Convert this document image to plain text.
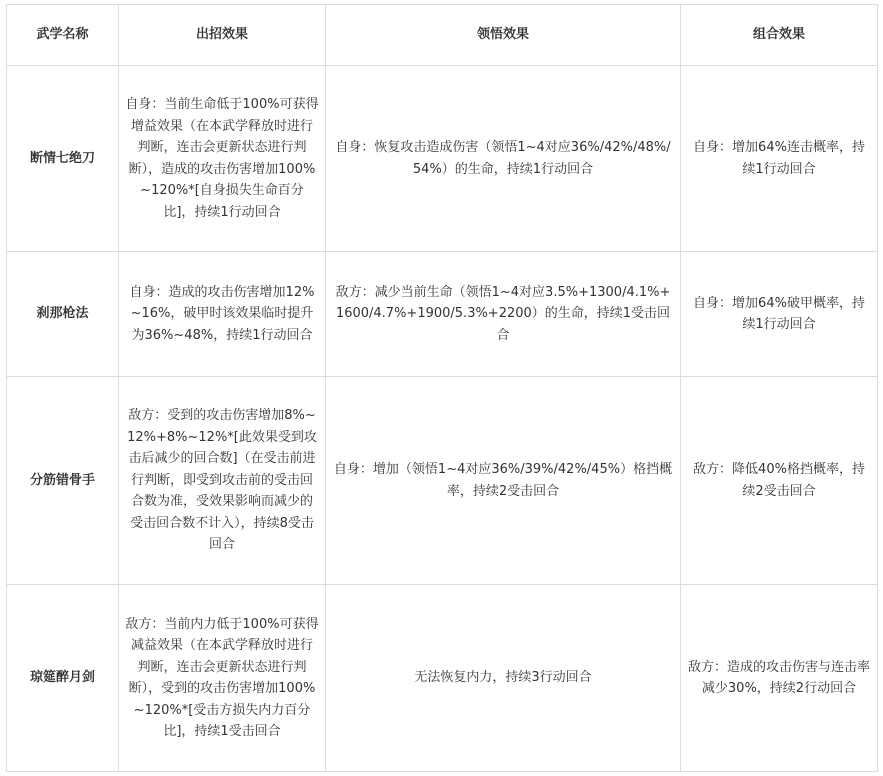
武学名称	出招效果	领悟效果	组合效果
断情七绝刀	自身：当前生命低于100%可获得增益效果（在本武学释放时进行判断，连击会更新状态进行判断），造成的攻击伤害增加100%~120%*[自身损失生命百分比]，持续1行动回合	自身：恢复攻击造成伤害（领悟1~4对应36%/42%/48%/54%）的生命，持续1行动回合	自身：增加64%连击概率，持续1行动回合
刹那枪法	自身：造成的攻击伤害增加12%~16%，破甲时该效果临时提升为36%~48%，持续1行动回合	敌方：减少当前生命（领悟1~4对应3.5%+1300/4.1%+1600/4.7%+1900/5.3%+2200）的生命，持续1受击回合	自身：增加64%破甲概率，持续1行动回合
分筋错骨手	敌方：受到的攻击伤害增加8%~12%+8%~12%*[此效果受到攻击后减少的回合数]（在受击前进行判断，即受到攻击前的受击回合数为准，受效果影响而减少的受击回合数不计入），持续8受击回合	自身：增加（领悟1~4对应36%/39%/42%/45%）格挡概率，持续2受击回合	敌方：降低40%格挡概率，持续2受击回合
琼筵醉月剑	敌方：当前内力低于100%可获得减益效果（在本武学释放时进行判断，连击会更新状态进行判断），受到的攻击伤害增加100%~120%*[受击方损失内力百分比]，持续1受击回合	无法恢复内力，持续3行动回合	敌方：造成的攻击伤害与连击率减少30%，持续2行动回合
